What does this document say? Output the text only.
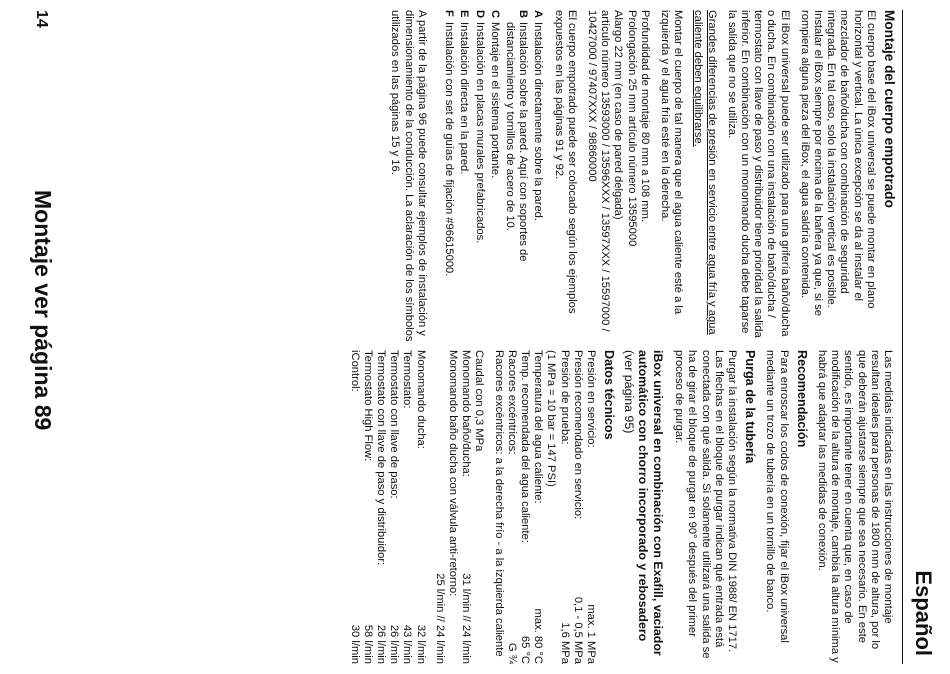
Español
Montaje del cuerpo empotrado

El cuerpo base del iBox universal se puede montar en plano horizontal y vertical. La única excepción se da al instalar el mezclador de baño/ducha con combinación de seguridad integrada. En tal caso, solo la instalación vertical es posible. Instalar el iBox siempre por encima de la bañera ya que, si se rompiera alguna pieza del iBox, el agua saldría contenida.

El iBox universal puede ser utilizado para una grifería baño/ducha o ducha. En combinación con una instalación de baño/ducha / termostato con llave de paso y distribuidor tiene prioridad la salida inferior. En combinación con un monomando ducha debe taparse la salida que no se utiliza.

Grandes diferencias de presión en servicio entre agua fría y agua caliente deben equilibrarse.

Montar el cuerpo de tal manera que el agua caliente esté a la izquierda y el agua fría esté en la derecha.

Profundidad de montaje 80 mm a 108 mm.
Prolongación 25 mm artículo número 13595000
Alargo 22 mm (en caso de pared delgada)
artículo número 13593000 / 13596XXX / 13597XXX / 15597000 / 10427000 / 97407XXX / 98860000

El cuerpo empotrado puede ser colocado según los ejemplos expuestos en las páginas 91 y 92.

A
Instalación directamente sobre la pared.
B
Instalación sobre la pared. Aquí con soportes de distanciamiento y tornillos de acero de 10.
C
Montaje en el sistema portante.
D
Instalación en placas murales prefabricados.
E
Instalación directa en la pared.
F
Instalación con set de guías de fijación #96615000.

A partir de la página 96 puede consultar ejemplos de instalación y dimensionamiento de la conducción. La aclaración de los símbolos utilizados en las páginas 15 y 16.

Las medidas indicadas en las instrucciones de montaje resultan ideales para personas de 1800 mm de altura, por lo que deberán ajustarse siempre que sea necesario. En este sentido, es importante tener en cuenta que, en caso de modificación de la altura de montaje, cambia la altura mínima y habrá que adaptar las medidas de conexión.

Recomendación

Para enroscar los codos de conexión, fijar el iBox universal mediante un trozo de tubería en un tornillo de banco.

Purga de la tubería

Purgar la instalación según la normativa DIN 1988/ EN 1717. Las flechas en el bloque de purgar indican qué entrada está conectada con qué salida. Si solamente utilizará una salida se ha de girar el bloque de purgar en 90° después del primer proceso de purgar.

iBox universal en combinación con Exafill, vaciador automático con chorro incorporado y rebosadero (ver página 95)
Datos técnicos
Presión en servicio:
max. 1 MPa
Presión recomendado en servicio:
0,1 - 0,5 MPa
Presión de prueba:
1,6 MPa
(1 MPa = 10 bar = 147 PSI)
Temperatura del agua caliente:
max. 80 °C
Temp. recomendada del agua caliente:
65 °C
Racores excéntricos:
G ¾
Racores excéntricos: a la derecha frío - a la izquierda caliente
Caudal con 0,3 MPa
Monomando baño/ducha:
31 l/min // 24 l/min
Monomando baño ducha con válvula anti-retorno:
25 l/min // 24 l/min
Monomando ducha:
32 l/min
Termostato:
43 l/min
Termostato con llave de paso:
26 l/min
Termostato con llave de paso y distribuidor:
26 l/min
Termostato High Flow:
58 l/min
iControl:
30 l/min
14
Montaje ver página 89
